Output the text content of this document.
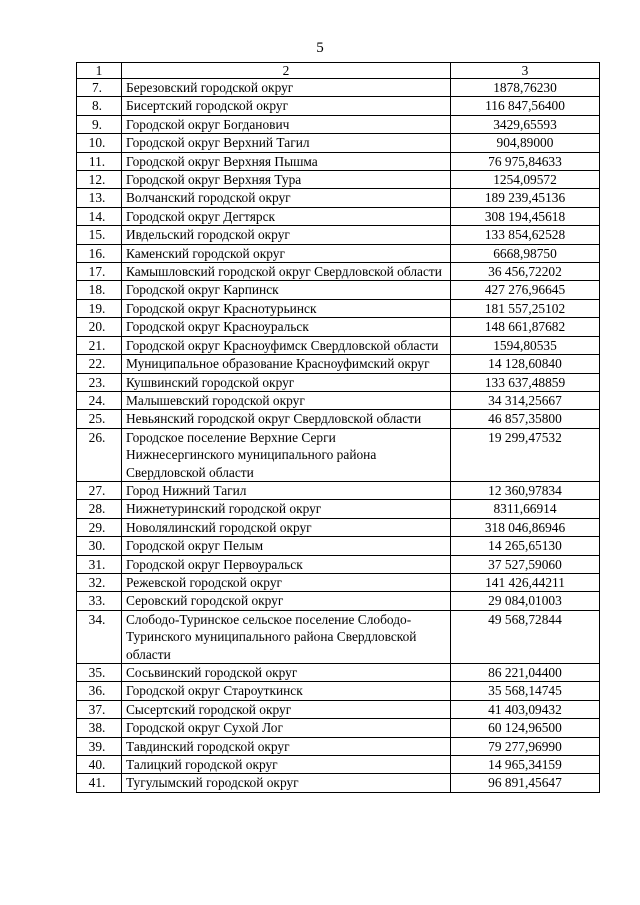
5
1	2	3
7.	Березовский городской округ	1878,76230
8.	Бисертский городской округ	116 847,56400
9.	Городской округ Богданович	3429,65593
10.	Городской округ Верхний Тагил	904,89000
11.	Городской округ Верхняя Пышма	76 975,84633
12.	Городской округ Верхняя Тура	1254,09572
13.	Волчанский городской округ	189 239,45136
14.	Городской округ Дегтярск	308 194,45618
15.	Ивдельский городской округ	133 854,62528
16.	Каменский городской округ	6668,98750
17.	Камышловский городской округ Свердловской области	36 456,72202
18.	Городской округ Карпинск	427 276,96645
19.	Городской округ Краснотурьинск	181 557,25102
20.	Городской округ Красноуральск	148 661,87682
21.	Городской округ Красноуфимск Свердловской области	1594,80535
22.	Муниципальное образование Красноуфимский округ	14 128,60840
23.	Кушвинский городской округ	133 637,48859
24.	Малышевский городской округ	34 314,25667
25.	Невьянский городской округ Свердловской области	46 857,35800
26.	Городское поселение Верхние Серги Нижнесергинского муниципального района Свердловской области	19 299,47532
27.	Город Нижний Тагил	12 360,97834
28.	Нижнетуринский городской округ	8311,66914
29.	Новолялинский городской округ	318 046,86946
30.	Городской округ Пелым	14 265,65130
31.	Городской округ Первоуральск	37 527,59060
32.	Режевской городской округ	141 426,44211
33.	Серовский городской округ	29 084,01003
34.	Слободо-Туринское сельское поселение Слободо-Туринского муниципального района Свердловской области	49 568,72844
35.	Сосьвинский городской округ	86 221,04400
36.	Городской округ Староуткинск	35 568,14745
37.	Сысертский городской округ	41 403,09432
38.	Городской округ Сухой Лог	60 124,96500
39.	Тавдинский городской округ	79 277,96990
40.	Талицкий городской округ	14 965,34159
41.	Тугулымский городской округ	96 891,45647
